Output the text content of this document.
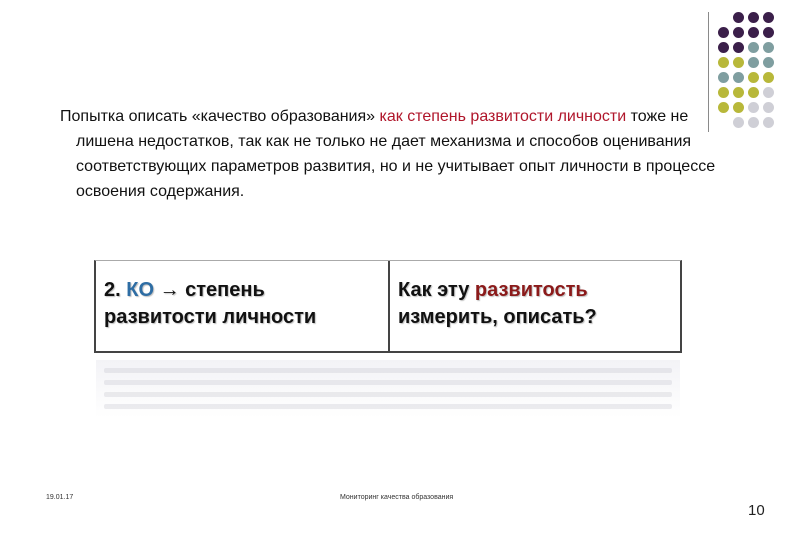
Попытка описать «качество образования» как степень развитости личности тоже не лишена недостатков, так как не только не дает механизма и способов оценивания соответствующих параметров развития, но и не учитывает опыт личности в процессе освоения содержания.
2. КО → степень развитости личности
Как эту развитость измерить, описать?
19.01.17	Мониторинг качества образования
10
